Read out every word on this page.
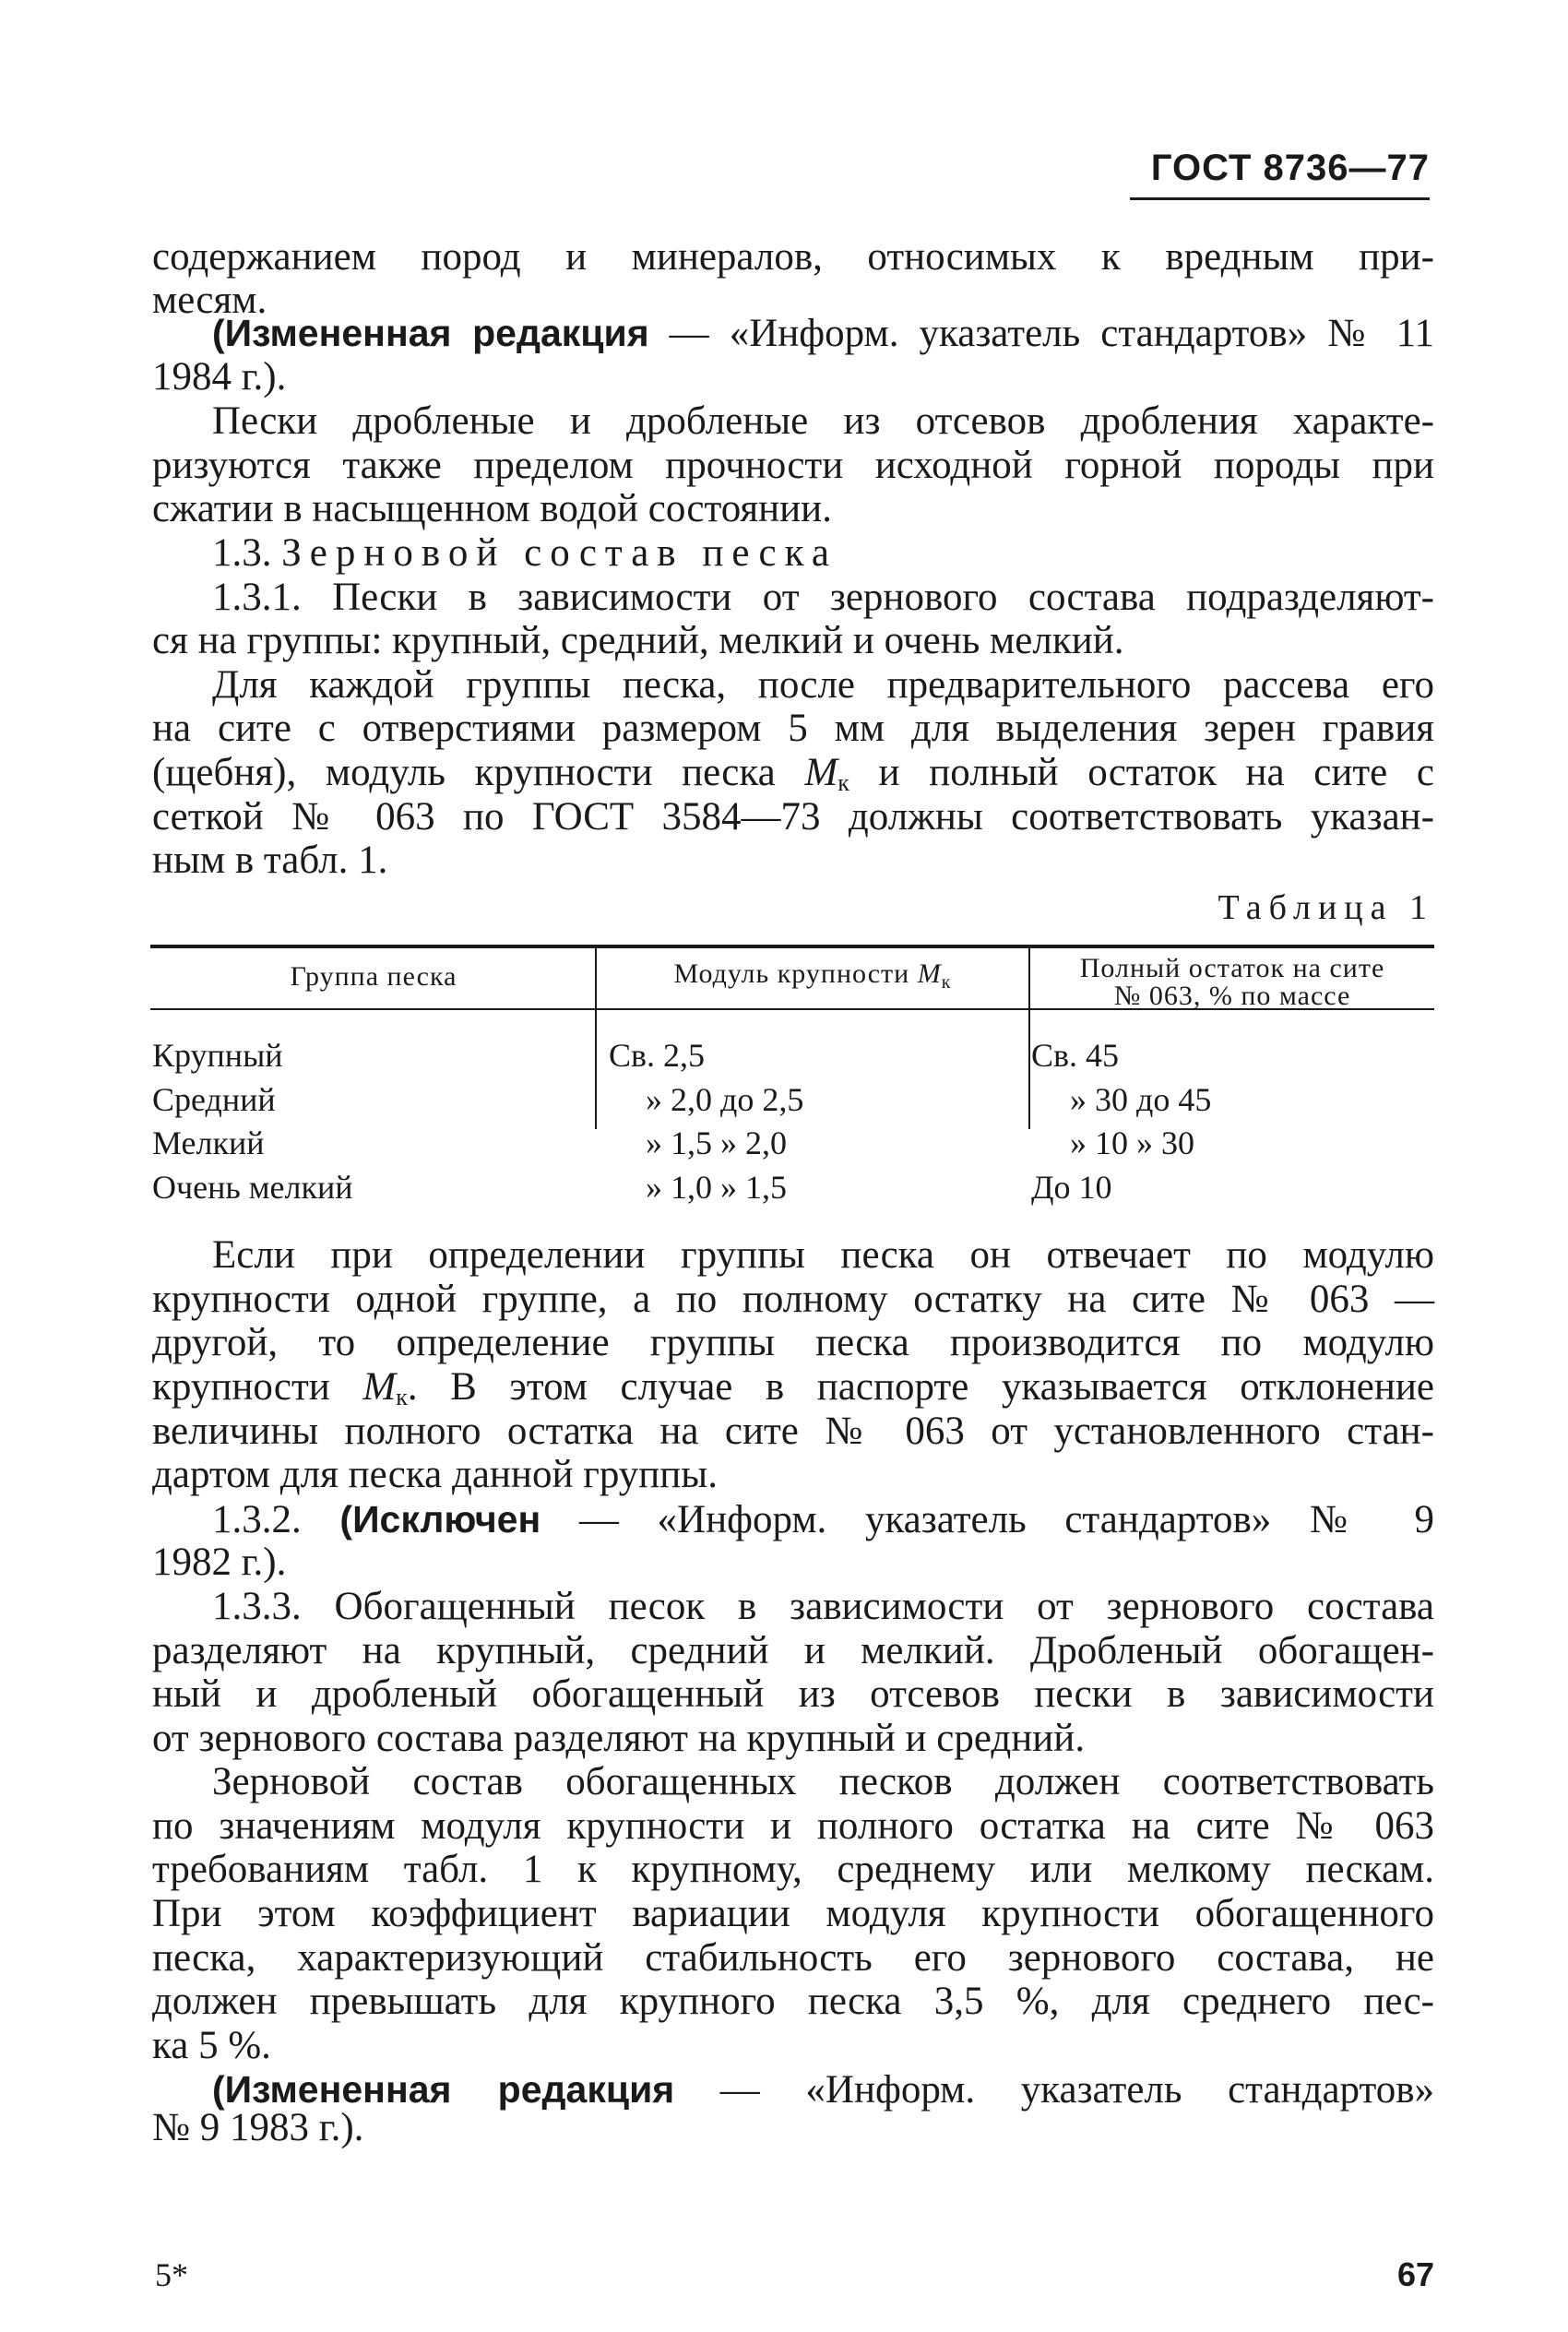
ГОСТ 8736—77
содержанием пород и минералов, относимых к вредным при-
месям.
(Измененная редакция — «Информ. указатель стандартов» № 11
1984 г.).
Пески дробленые и дробленые из отсевов дробления характе-
ризуются также пределом прочности исходной горной породы при
сжатии в насыщенном водой состоянии.
1.3. Зерновой состав песка
1.3.1. Пески в зависимости от зернового состава подразделяют-
ся на группы: крупный, средний, мелкий и очень мелкий.
Для каждой группы песка, после предварительного рассева его
на сите с отверстиями размером 5 мм для выделения зерен гравия
(щебня), модуль крупности песка $М_к$ и полный остаток на сите с
сеткой № 063 по ГОСТ 3584—73 должны соответствовать указан-
ным в табл. 1.
Таблица 1
Группа песка	Модуль крупности $М_к$	Полный остаток на сите
№ 063, % по массе
Крупный	Св. 2,5	Св. 45
Средний	» 2,0 до 2,5	» 30 до 45
Мелкий	» 1,5 » 2,0	» 10 » 30
Очень мелкий	» 1,0 » 1,5	До 10
Если при определении группы песка он отвечает по модулю
крупности одной группе, а по полному остатку на сите № 063 —
другой, то определение группы песка производится по модулю
крупности $М_к$. В этом случае в паспорте указывается отклонение
величины полного остатка на сите № 063 от установленного стан-
дартом для песка данной группы.
1.3.2. (Исключен — «Информ. указатель стандартов» № 9
1982 г.).
1.3.3. Обогащенный песок в зависимости от зернового состава
разделяют на крупный, средний и мелкий. Дробленый обогащен-
ный и дробленый обогащенный из отсевов пески в зависимости
от зернового состава разделяют на крупный и средний.
Зерновой состав обогащенных песков должен соответствовать
по значениям модуля крупности и полного остатка на сите № 063
требованиям табл. 1 к крупному, среднему или мелкому пескам.
При этом коэффициент вариации модуля крупности обогащенного
песка, характеризующий стабильность его зернового состава, не
должен превышать для крупного песка 3,5 %, для среднего пес-
ка 5 %.
(Измененная редакция — «Информ. указатель стандартов»
№ 9 1983 г.).
5*	67
